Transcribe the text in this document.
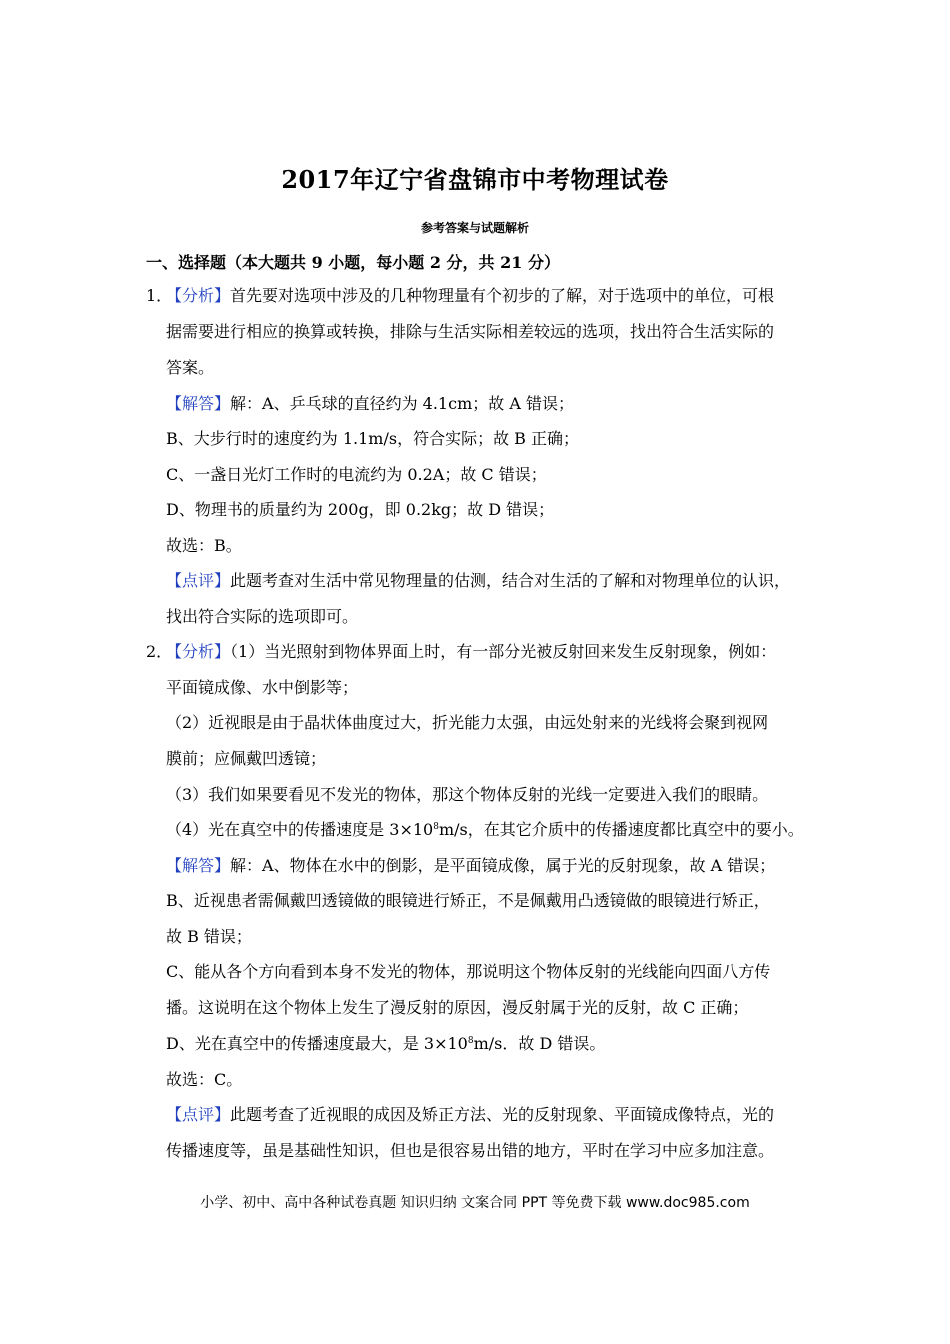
2017年辽宁省盘锦市中考物理试卷
参考答案与试题解析
一、选择题（本大题共 9 小题，每小题 2 分，共 21 分）
1．
【分析】首先要对选项中涉及的几种物理量有个初步的了解，对于选项中的单位，可根
据需要进行相应的换算或转换，排除与生活实际相差较远的选项，找出符合生活实际的
答案。
【解答】解：A、乒乓球的直径约为 4.1cm；故 A 错误；
B、大步行时的速度约为 1.1m/s，符合实际；故 B 正确；
C、一盏日光灯工作时的电流约为 0.2A；故 C 错误；
D、物理书的质量约为 200g，即 0.2kg；故 D 错误；
故选：B。
【点评】此题考查对生活中常见物理量的估测，结合对生活的了解和对物理单位的认识，
找出符合实际的选项即可。
2．
【分析】（1）当光照射到物体界面上时，有一部分光被反射回来发生反射现象，例如：
平面镜成像、水中倒影等；
（2）近视眼是由于晶状体曲度过大，折光能力太强，由远处射来的光线将会聚到视网
膜前；应佩戴凹透镜；
（3）我们如果要看见不发光的物体，那这个物体反射的光线一定要进入我们的眼睛。
（4）光在真空中的传播速度是 $3\times 10^8m/s$，在其它介质中的传播速度都比真空中的要小。
【解答】解：A、物体在水中的倒影，是平面镜成像，属于光的反射现象，故 A 错误；
B、近视患者需佩戴凹透镜做的眼镜进行矫正，不是佩戴用凸透镜做的眼镜进行矫正，
故 B 错误；
C、能从各个方向看到本身不发光的物体，那说明这个物体反射的光线能向四面八方传
播。这说明在这个物体上发生了漫反射的原因，漫反射属于光的反射，故 C 正确；
D、光在真空中的传播速度最大，是 $3\times 10^8m/s$．故 D 错误。
故选：C。
【点评】此题考查了近视眼的成因及矫正方法、光的反射现象、平面镜成像特点，光的
传播速度等，虽是基础性知识，但也是很容易出错的地方，平时在学习中应多加注意。
小学、初中、高中各种试卷真题 知识归纳 文案合同 PPT 等免费下载 www.doc985.com
